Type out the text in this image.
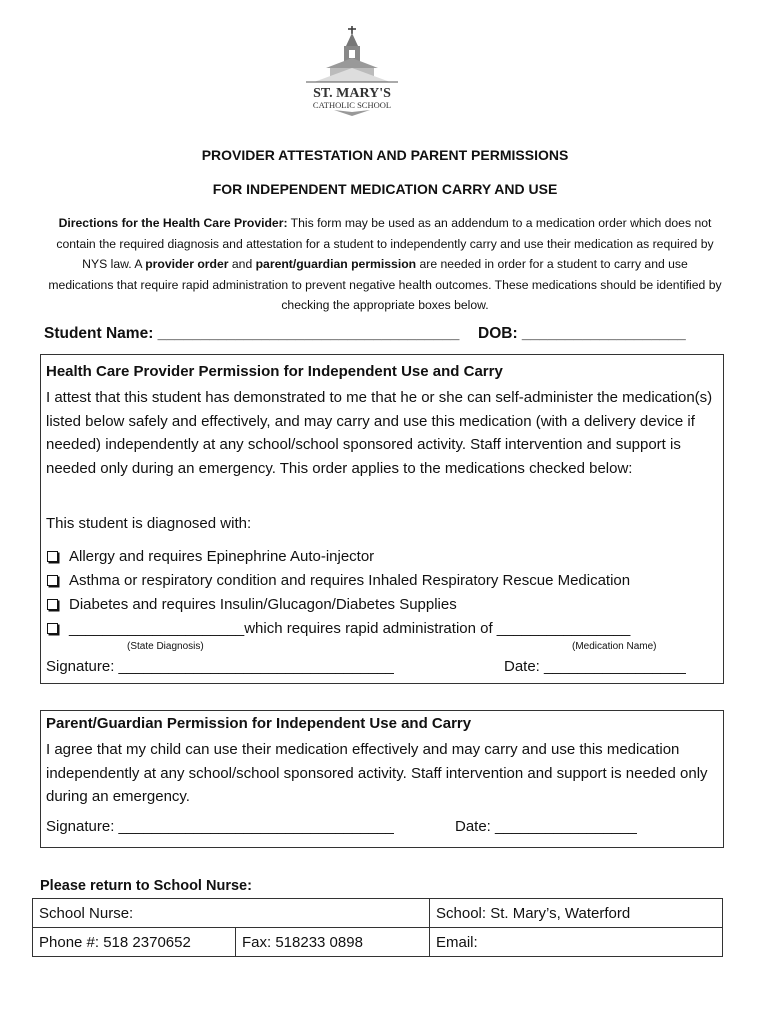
ST. MARY'S
CATHOLIC SCHOOL
PROVIDER ATTESTATION AND PARENT PERMISSIONS
FOR INDEPENDENT MEDICATION CARRY AND USE
Directions for the Health Care Provider: This form may be used as an addendum to a medication order which does not contain the required diagnosis and attestation for a student to independently carry and use their medication as required by NYS law. A provider order and parent/guardian permission are needed in order for a student to carry and use medications that require rapid administration to prevent negative health outcomes. These medications should be identified by checking the appropriate boxes below.
Student Name: ___________________________________ DOB: ___________________
Health Care Provider Permission for Independent Use and Carry
I attest that this student has demonstrated to me that he or she can self-administer the medication(s) listed below safely and effectively, and may carry and use this medication (with a delivery device if needed) independently at any school/school sponsored activity. Staff intervention and support is needed only during an emergency. This order applies to the medications checked below:
This student is diagnosed with:
Allergy and requires Epinephrine Auto-injector
Asthma or respiratory condition and requires Inhaled Respiratory Rescue Medication
Diabetes and requires Insulin/Glucagon/Diabetes Supplies
_____________________which requires rapid administration of ________________
(State Diagnosis)	(Medication Name)
Signature: _________________________________	Date: _________________
Parent/Guardian Permission for Independent Use and Carry
I agree that my child can use their medication effectively and may carry and use this medication independently at any school/school sponsored activity. Staff intervention and support is needed only during an emergency.
Signature: _________________________________	Date: _________________
Please return to School Nurse:
School Nurse:		School: St. Mary’s, Waterford
Phone #: 518 2370652	Fax: 518233 0898	Email:
